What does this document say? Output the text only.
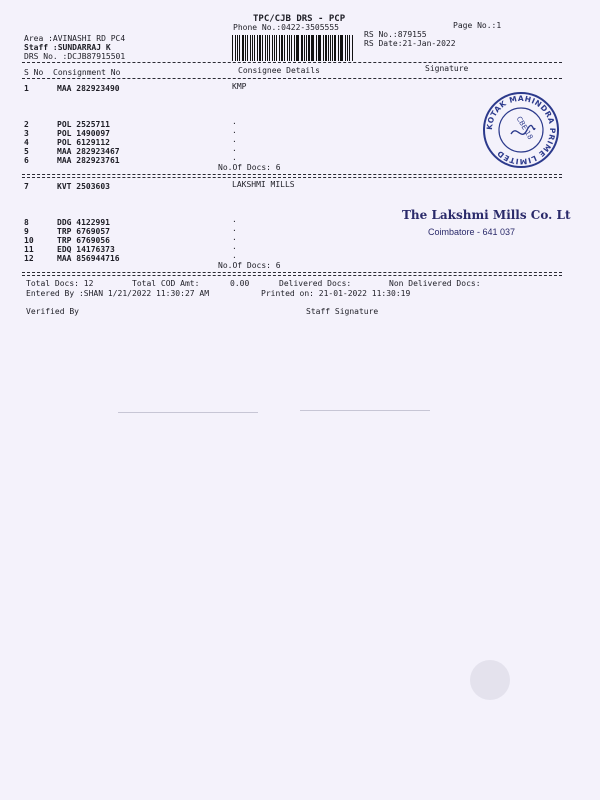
TPC/CJB DRS - PCP
Phone No.:0422-3505555	Page No.:1
Area :AVINASHI RD PC4
Staff :SUNDARRAJ K
DRS No. :DCJB87915501
RS No.:879155
RS Date:21-Jan-2022
S No Consignment No	Consignee Details	Signature
1	MAA 282923490	KMP
2	POL 2525711	.
3	POL 1490097	.
4	POL 6129112	.
5	MAA 282923467	.
6	MAA 282923761	.
No.Of Docs: 6
7	KVT 2503603	LAKSHMI MILLS
8	DDG 4122991	.
9	TRP 6769057	.
10	TRP 6769056	.
11	EDQ 14176373	.
12	MAA 856944716	.
No.Of Docs: 6
Total Docs: 12	Total COD Amt:	0.00	Delivered Docs:	Non Delivered Docs:
Entered By :SHAN 1/21/2022 11:30:27 AM	Printed on: 21-01-2022 11:30:19
Verified By	Staff Signature
KOTAK MAHINDRA PRIME LIMITED
CBE 18
The Lakshmi Mills Co. Lt
Coimbatore - 641 037
